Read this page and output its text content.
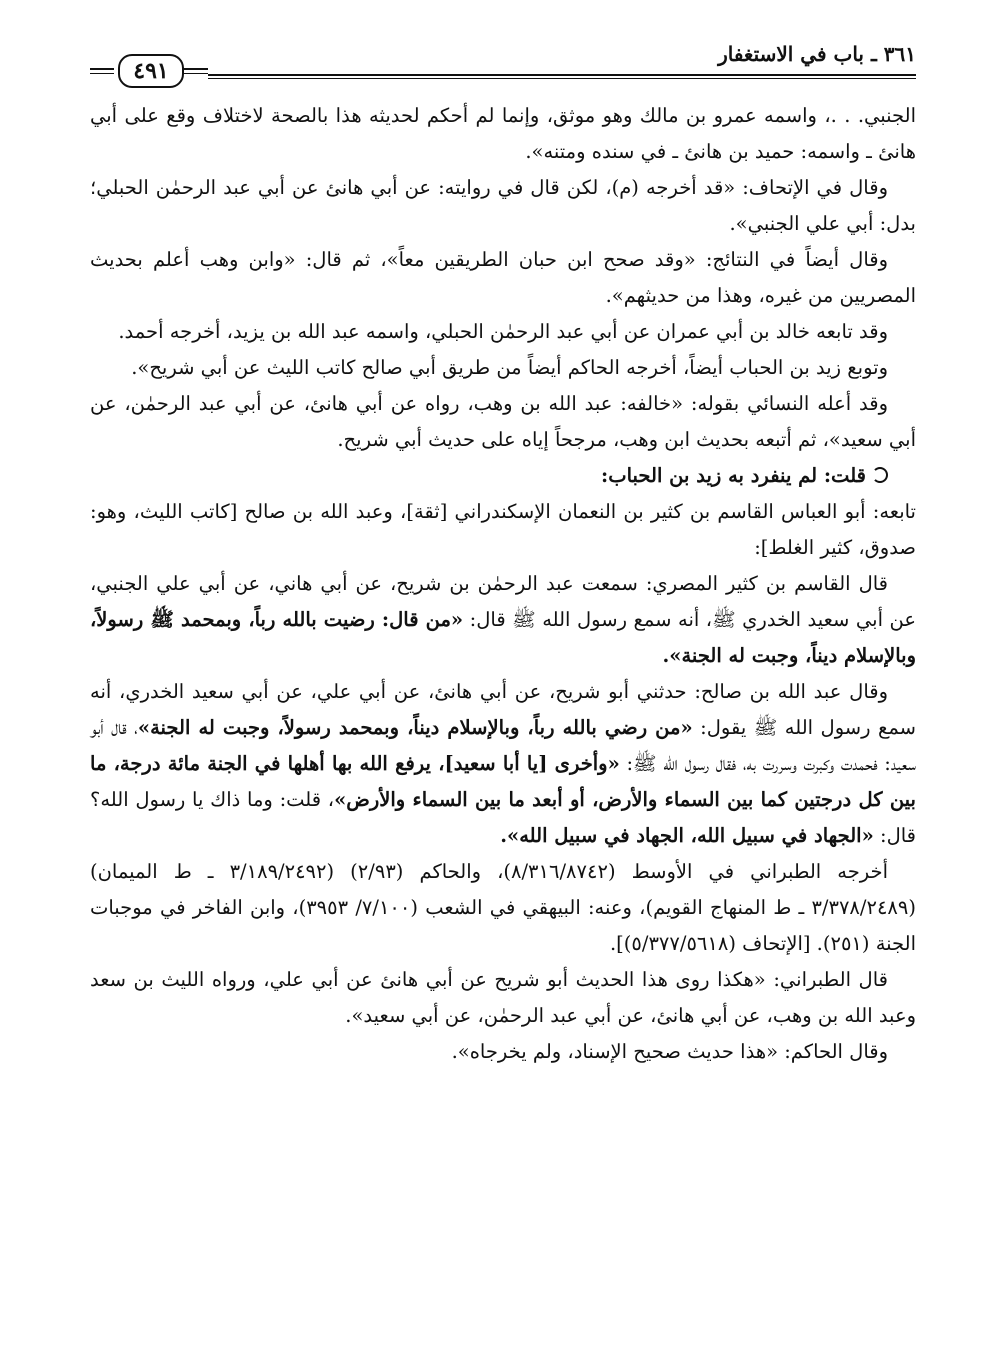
٣٦١ ـ باب في الاستغفار
٤٩١

الجنبي. . .، واسمه عمرو بن مالك وهو موثق، وإنما لم أحكم لحديثه هذا بالصحة لاختلاف وقع على أبي هانئ ـ واسمه: حميد بن هانئ ـ في سنده ومتنه».

وقال في الإتحاف: «قد أخرجه (م)، لكن قال في روايته: عن أبي هانئ عن أبي عبد الرحمٰن الحبلي؛ بدل: أبي علي الجنبي».

وقال أيضاً في النتائج: «وقد صحح ابن حبان الطريقين معاً»، ثم قال: «وابن وهب أعلم بحديث المصريين من غيره، وهذا من حديثهم».

وقد تابعه خالد بن أبي عمران عن أبي عبد الرحمٰن الحبلي، واسمه عبد الله بن يزيد، أخرجه أحمد.

وتوبع زيد بن الحباب أيضاً، أخرجه الحاكم أيضاً من طريق أبي صالح كاتب الليث عن أبي شريح».

وقد أعله النسائي بقوله: «خالفه: عبد الله بن وهب، رواه عن أبي هانئ، عن أبي عبد الرحمٰن، عن أبي سعيد»، ثم أتبعه بحديث ابن وهب، مرجحاً إياه على حديث أبي شريح.

قلت: لم ينفرد به زيد بن الحباب:

تابعه: أبو العباس القاسم بن كثير بن النعمان الإسكندراني [ثقة]، وعبد الله بن صالح [كاتب الليث، وهو: صدوق، كثير الغلط]:

قال القاسم بن كثير المصري: سمعت عبد الرحمٰن بن شريح، عن أبي هاني، عن أبي علي الجنبي، عن أبي سعيد الخدري ﷺ، أنه سمع رسول الله ﷺ قال: «من قال: رضيت بالله رباً، وبمحمد ﷺ رسولاً، وبالإسلام ديناً، وجبت له الجنة».

وقال عبد الله بن صالح: حدثني أبو شريح، عن أبي هانئ، عن أبي علي، عن أبي سعيد الخدري، أنه سمع رسول الله ﷺ يقول: «من رضي بالله رباً، وبالإسلام ديناً، وبمحمد رسولاً، وجبت له الجنة»، قال أبو سعيد: فحمدت وكبرت وسررت به، فقال رسول الله ﷺ: «وأخرى [يا أبا سعيد]، يرفع الله بها أهلها في الجنة مائة درجة، ما بين كل درجتين كما بين السماء والأرض، أو أبعد ما بين السماء والأرض»، قلت: وما ذاك يا رسول الله؟ قال: «الجهاد في سبيل الله، الجهاد في سبيل الله».

أخرجه الطبراني في الأوسط (٨/٣١٦/٨٧٤٢)، والحاكم (٢/٩٣) (٣/١٨٩/٢٤٩٢ ـ ط الميمان) (٣/٣٧٨/٢٤٨٩ ـ ط المنهاج القويم)، وعنه: البيهقي في الشعب (٧/١٠٠/ ٣٩٥٣)، وابن الفاخر في موجبات الجنة (٢٥١). [الإتحاف (٥/٣٧٧/٥٦١٨)].

قال الطبراني: «هكذا روى هذا الحديث أبو شريح عن أبي هانئ عن أبي علي، ورواه الليث بن سعد وعبد الله بن وهب، عن أبي هانئ، عن أبي عبد الرحمٰن، عن أبي سعيد».

وقال الحاكم: «هذا حديث صحيح الإسناد، ولم يخرجاه».
